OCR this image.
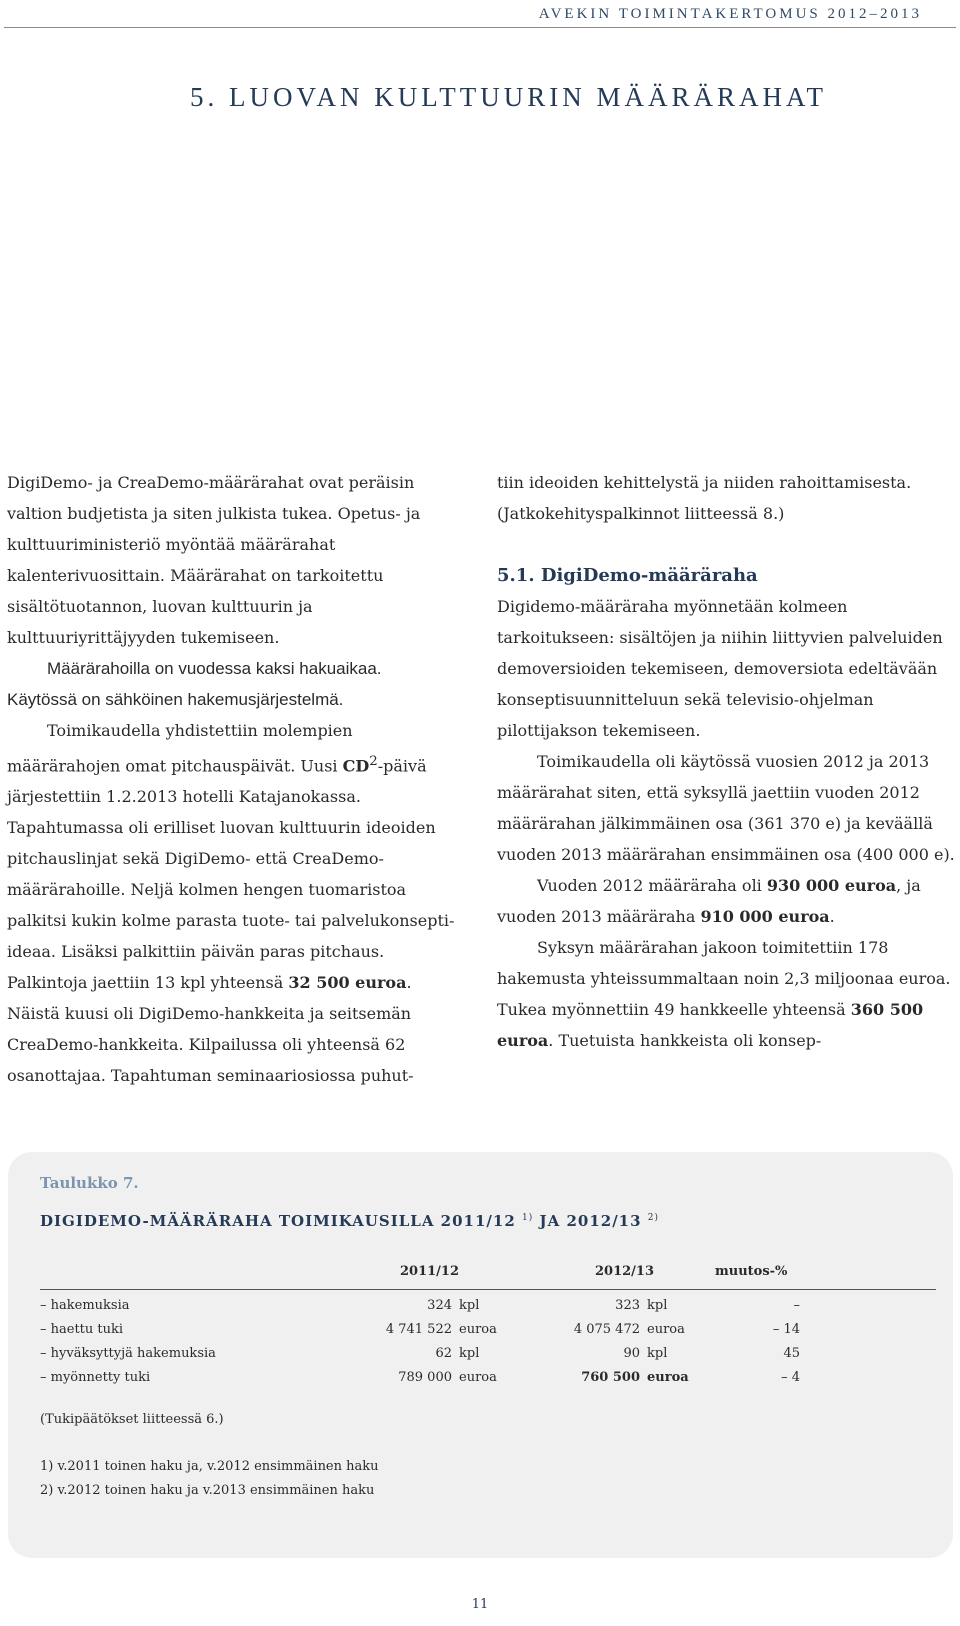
AVEKIN TOIMINTAKERTOMUS 2012–2013
5. LUOVAN KULTTUURIN MÄÄRÄRAHAT

DigiDemo- ja CreaDemo-määrärahat ovat peräisin valtion budjetista ja siten julkista tukea. Opetus- ja kulttuuriministeriö myöntää määrärahat kalenterivuosittain. Määrärahat on tarkoitettu sisältötuotannon, luovan kulttuurin ja kulttuuriyrittäjyyden tukemiseen.

Määrärahoilla on vuodessa kaksi hakuaikaa. Käytössä on sähköinen hakemusjärjestelmä.

Toimikaudella yhdistettiin molempien määrärahojen omat pitchauspäivät. Uusi $CD^2$-päivä järjestettiin 1.2.2013 hotelli Katajanokassa. Tapahtumassa oli erilliset luovan kulttuurin ideoiden pitchauslinjat sekä DigiDemo- että CreaDemo-määrärahoille. Neljä kolmen hengen tuomaristoa palkitsi kukin kolme parasta tuote- tai palvelukonsepti-ideaa. Lisäksi palkittiin päivän paras pitchaus. Palkintoja jaettiin 13 kpl yhteensä 32 500 euroa. Näistä kuusi oli DigiDemo-hankkeita ja seitsemän CreaDemo-hankkeita. Kilpailussa oli yhteensä 62 osanottajaa. Tapahtuman seminaariosiossa puhut-

tiin ideoiden kehittelystä ja niiden rahoittamisesta. (Jatkokehityspalkinnot liitteessä 8.)

5.1. DigiDemo-määräraha

Digidemo-määräraha myönnetään kolmeen tarkoitukseen: sisältöjen ja niihin liittyvien palveluiden demoversioiden tekemiseen, demoversiota edeltävään konseptisuunnitteluun sekä televisio-ohjelman pilottijakson tekemiseen.

Toimikaudella oli käytössä vuosien 2012 ja 2013 määrärahat siten, että syksyllä jaettiin vuoden 2012 määrärahan jälkimmäinen osa (361 370 e) ja keväällä vuoden 2013 määrärahan ensimmäinen osa (400 000 e).

Vuoden 2012 määräraha oli 930 000 euroa, ja vuoden 2013 määräraha 910 000 euroa.

Syksyn määrärahan jakoon toimitettiin 178 hakemusta yhteissummaltaan noin 2,3 miljoonaa euroa. Tukea myönnettiin 49 hankkeelle yhteensä 360 500 euroa. Tuetuista hankkeista oli konsep-

Taulukko 7.
DIGIDEMO-MÄÄRÄRAHA TOIMIKAUSILLA 2011/12 $^{1)}$ JA 2012/13 $^{2)}$
2011/12	2012/13	muutos-%
– hakemuksia	324 kpl	323 kpl	–
– haettu tuki	4 741 522 euroa	4 075 472 euroa	– 14
– hyväksyttyjä hakemuksia	62 kpl	90 kpl	45
– myönnetty tuki	789 000 euroa	760 500 euroa	– 4
(Tukipäätökset liitteessä 6.)
1) v.2011 toinen haku ja, v.2012 ensimmäinen haku
2) v.2012 toinen haku ja v.2013 ensimmäinen haku
11
